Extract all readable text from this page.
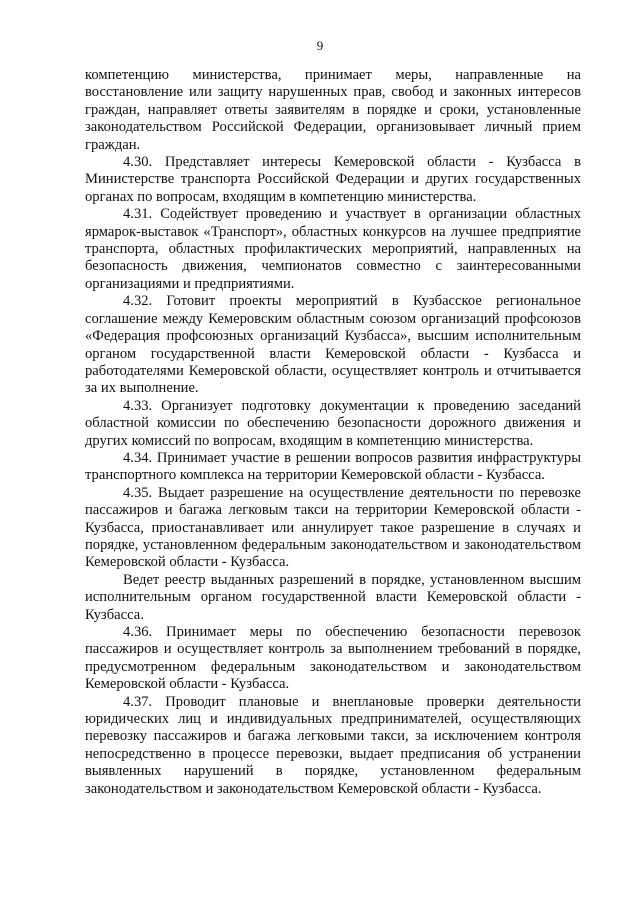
9

компетенцию министерства, принимает меры, направленные на восстановление или защиту нарушенных прав, свобод и законных интересов граждан, направляет ответы заявителям в порядке и сроки, установленные законодательством Российской Федерации, организовывает личный прием граждан.

4.30. Представляет интересы Кемеровской области - Кузбасса в Министерстве транспорта Российской Федерации и других государственных органах по вопросам, входящим в компетенцию министерства.

4.31. Содействует проведению и участвует в организации областных ярмарок-выставок «Транспорт», областных конкурсов на лучшее предприятие транспорта, областных профилактических мероприятий, направленных на безопасность движения, чемпионатов совместно с заинтересованными организациями и предприятиями.

4.32. Готовит проекты мероприятий в Кузбасское региональное соглашение между Кемеровским областным союзом организаций профсоюзов «Федерация профсоюзных организаций Кузбасса», высшим исполнительным органом государственной власти Кемеровской области - Кузбасса и работодателями Кемеровской области, осуществляет контроль и отчитывается за их выполнение.

4.33. Организует подготовку документации к проведению заседаний областной комиссии по обеспечению безопасности дорожного движения и других комиссий по вопросам, входящим в компетенцию министерства.

4.34. Принимает участие в решении вопросов развития инфраструктуры транспортного комплекса на территории Кемеровской области - Кузбасса.

4.35. Выдает разрешение на осуществление деятельности по перевозке пассажиров и багажа легковым такси на территории Кемеровской области - Кузбасса, приостанавливает или аннулирует такое разрешение в случаях и порядке, установленном федеральным законодательством и законодательством Кемеровской области - Кузбасса.

Ведет реестр выданных разрешений в порядке, установленном высшим исполнительным органом государственной власти Кемеровской области - Кузбасса.

4.36. Принимает меры по обеспечению безопасности перевозок пассажиров и осуществляет контроль за выполнением требований в порядке, предусмотренном федеральным законодательством и законодательством Кемеровской области - Кузбасса.

4.37. Проводит плановые и внеплановые проверки деятельности юридических лиц и индивидуальных предпринимателей, осуществляющих перевозку пассажиров и багажа легковыми такси, за исключением контроля непосредственно в процессе перевозки, выдает предписания об устранении выявленных нарушений в порядке, установленном федеральным законодательством и законодательством Кемеровской области - Кузбасса.
